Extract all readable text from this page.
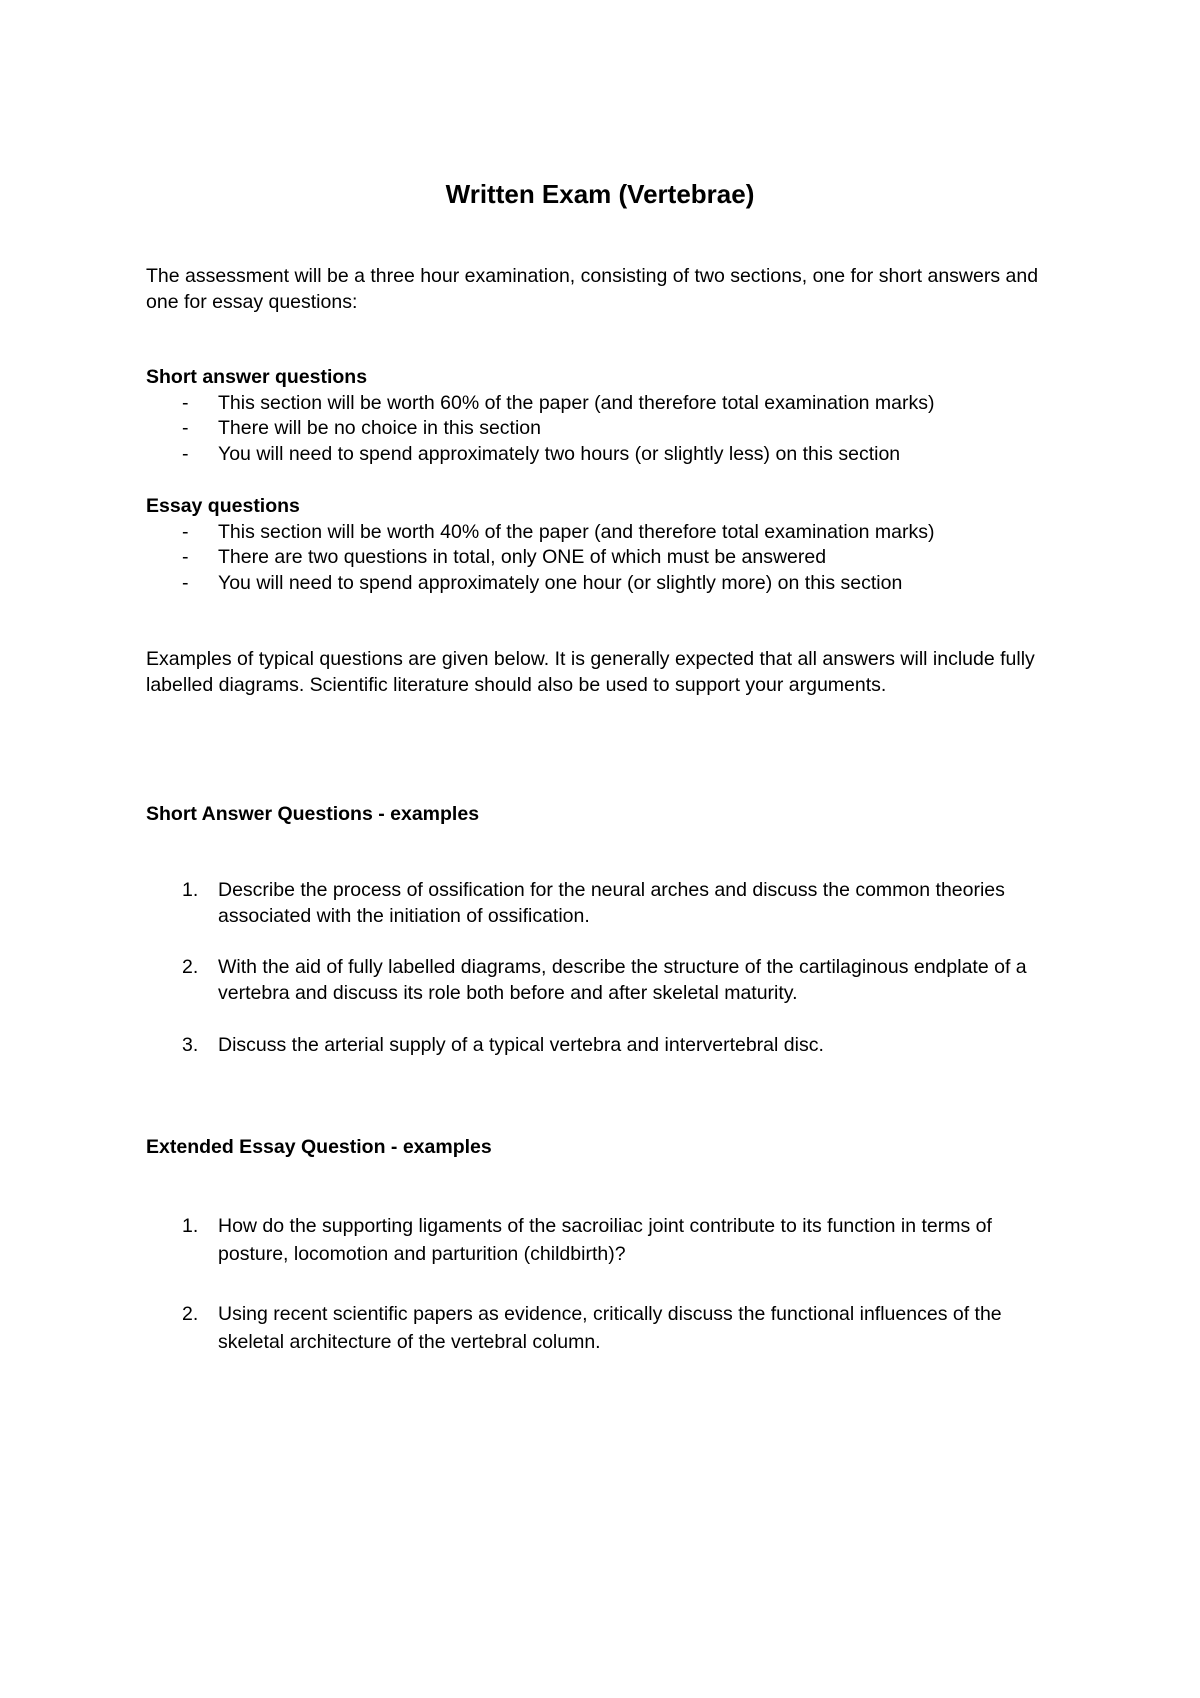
Written Exam (Vertebrae)

The assessment will be a three hour examination, consisting of two sections, one for short answers and one for essay questions:

Short answer questions

- This section will be worth 60% of the paper (and therefore total examination marks)
- There will be no choice in this section
- You will need to spend approximately two hours (or slightly less) on this section

Essay questions

- This section will be worth 40% of the paper (and therefore total examination marks)
- There are two questions in total, only ONE of which must be answered
- You will need to spend approximately one hour (or slightly more) on this section

Examples of typical questions are given below. It is generally expected that all answers will include fully labelled diagrams. Scientific literature should also be used to support your arguments.

Short Answer Questions - examples

1. Describe the process of ossification for the neural arches and discuss the common theories associated with the initiation of ossification.
2. With the aid of fully labelled diagrams, describe the structure of the cartilaginous endplate of a vertebra and discuss its role both before and after skeletal maturity.
3. Discuss the arterial supply of a typical vertebra and intervertebral disc.

Extended Essay Question - examples

1. How do the supporting ligaments of the sacroiliac joint contribute to its function in terms of posture, locomotion and parturition (childbirth)?
2. Using recent scientific papers as evidence, critically discuss the functional influences of the skeletal architecture of the vertebral column.
